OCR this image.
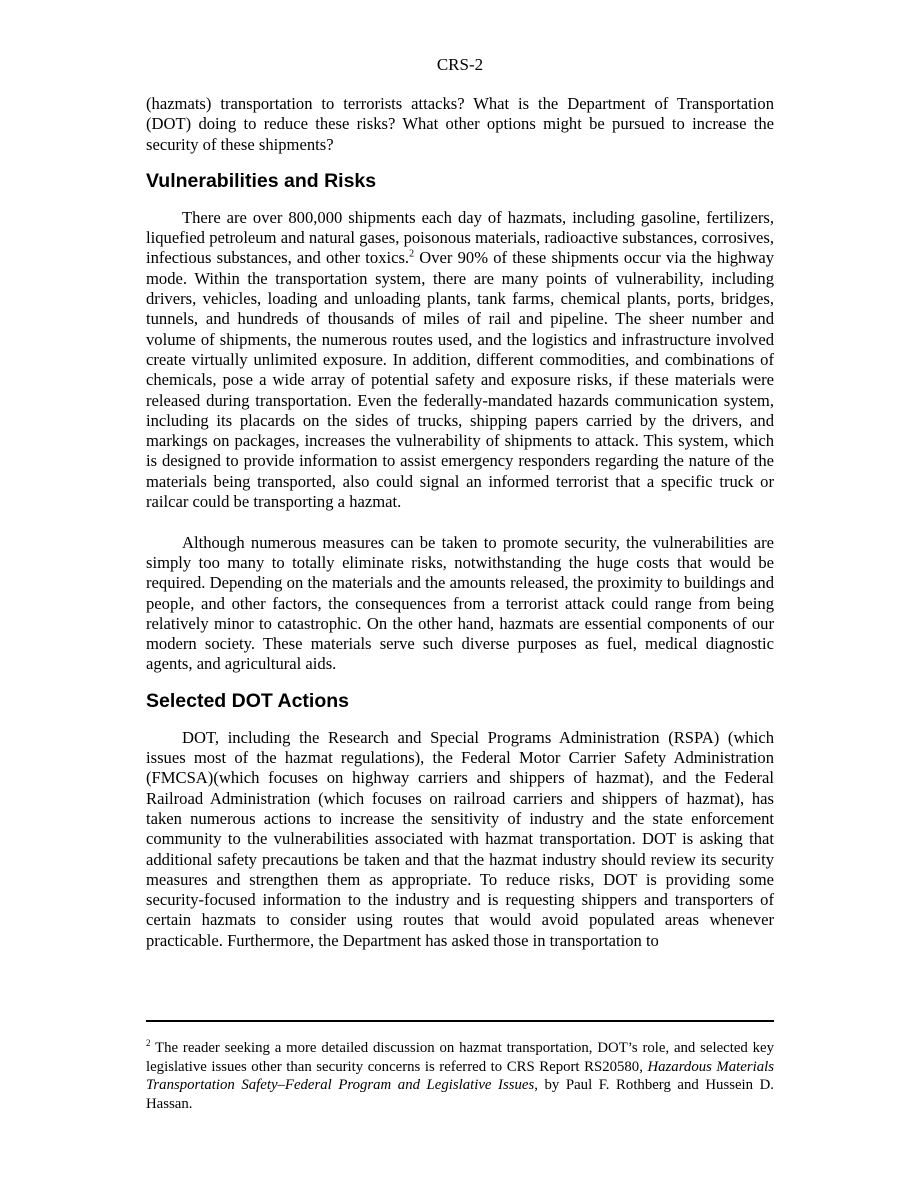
CRS-2

(hazmats) transportation to terrorists attacks? What is the Department of Transportation (DOT) doing to reduce these risks? What other options might be pursued to increase the security of these shipments?

Vulnerabilities and Risks

There are over 800,000 shipments each day of hazmats, including gasoline, fertilizers, liquefied petroleum and natural gases, poisonous materials, radioactive substances, corrosives, infectious substances, and other toxics.$^2$ Over 90% of these shipments occur via the highway mode. Within the transportation system, there are many points of vulnerability, including drivers, vehicles, loading and unloading plants, tank farms, chemical plants, ports, bridges, tunnels, and hundreds of thousands of miles of rail and pipeline. The sheer number and volume of shipments, the numerous routes used, and the logistics and infrastructure involved create virtually unlimited exposure. In addition, different commodities, and combinations of chemicals, pose a wide array of potential safety and exposure risks, if these materials were released during transportation. Even the federally-mandated hazards communication system, including its placards on the sides of trucks, shipping papers carried by the drivers, and markings on packages, increases the vulnerability of shipments to attack. This system, which is designed to provide information to assist emergency responders regarding the nature of the materials being transported, also could signal an informed terrorist that a specific truck or railcar could be transporting a hazmat.

Although numerous measures can be taken to promote security, the vulnerabilities are simply too many to totally eliminate risks, notwithstanding the huge costs that would be required. Depending on the materials and the amounts released, the proximity to buildings and people, and other factors, the consequences from a terrorist attack could range from being relatively minor to catastrophic. On the other hand, hazmats are essential components of our modern society. These materials serve such diverse purposes as fuel, medical diagnostic agents, and agricultural aids.

Selected DOT Actions

DOT, including the Research and Special Programs Administration (RSPA) (which issues most of the hazmat regulations), the Federal Motor Carrier Safety Administration (FMCSA)(which focuses on highway carriers and shippers of hazmat), and the Federal Railroad Administration (which focuses on railroad carriers and shippers of hazmat), has taken numerous actions to increase the sensitivity of industry and the state enforcement community to the vulnerabilities associated with hazmat transportation. DOT is asking that additional safety precautions be taken and that the hazmat industry should review its security measures and strengthen them as appropriate. To reduce risks, DOT is providing some security-focused information to the industry and is requesting shippers and transporters of certain hazmats to consider using routes that would avoid populated areas whenever practicable. Furthermore, the Department has asked those in transportation to

$^2$ The reader seeking a more detailed discussion on hazmat transportation, DOT’s role, and selected key legislative issues other than security concerns is referred to CRS Report RS20580, Hazardous Materials Transportation Safety–Federal Program and Legislative Issues, by Paul F. Rothberg and Hussein D. Hassan.
